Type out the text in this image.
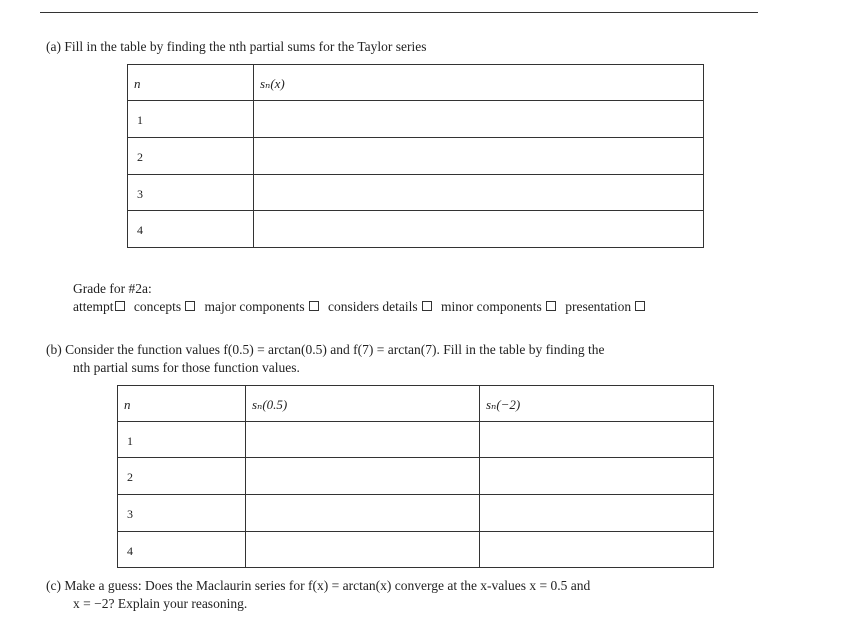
(a) Fill in the table by finding the nth partial sums for the Taylor series
n	sₙ(x)

1	

2	

3	

4	

Grade for #2a:
attempt concepts major components considers details minor components presentation
(b) Consider the function values f(0.5) = arctan(0.5) and f(7) = arctan(7). Fill in the table by finding the
nth partial sums for those function values.
n	sₙ(0.5)	sₙ(−2)

1		

2		

3		

4		

(c) Make a guess: Does the Maclaurin series for f(x) = arctan(x) converge at the x-values x = 0.5 and
x = −2? Explain your reasoning.
